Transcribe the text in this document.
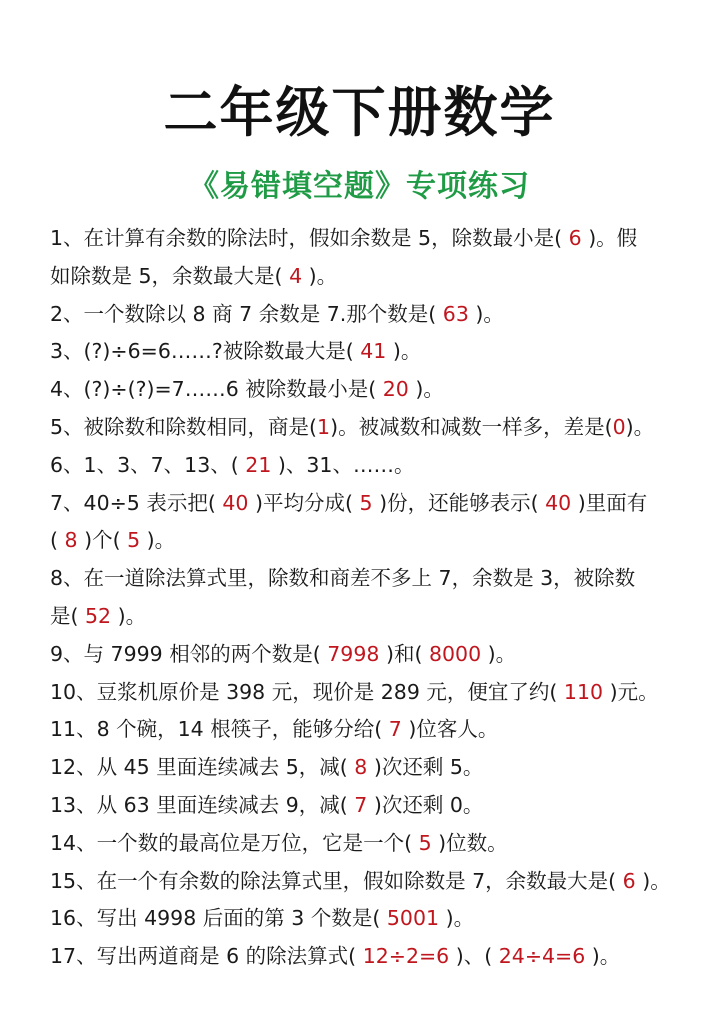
二年级下册数学
《易错填空题》专项练习

1、在计算有余数的除法时，假如余数是 5，除数最小是( 6 )。假

如除数是 5，余数最大是( 4 )。

2、一个数除以 8 商 7 余数是 7.那个数是( 63 )。

3、(?)÷6=6……?被除数最大是( 41 )。

4、(?)÷(?)=7……6 被除数最小是( 20 )。

5、被除数和除数相同，商是(1)。被减数和减数一样多，差是(0)。

6、1、3、7、13、( 21 )、31、……。

7、40÷5 表示把( 40 )平均分成( 5 )份，还能够表示( 40 )里面有

( 8 )个( 5 )。

8、在一道除法算式里，除数和商差不多上 7，余数是 3，被除数

是( 52 )。

9、与 7999 相邻的两个数是( 7998 )和( 8000 )。

10、豆浆机原价是 398 元，现价是 289 元，便宜了约( 110 )元。

11、8 个碗，14 根筷子，能够分给( 7 )位客人。

12、从 45 里面连续减去 5，减( 8 )次还剩 5。

13、从 63 里面连续减去 9，减( 7 )次还剩 0。

14、一个数的最高位是万位，它是一个( 5 )位数。

15、在一个有余数的除法算式里，假如除数是 7，余数最大是( 6 )。

16、写出 4998 后面的第 3 个数是( 5001 )。

17、写出两道商是 6 的除法算式( 12÷2=6 )、( 24÷4=6 )。
